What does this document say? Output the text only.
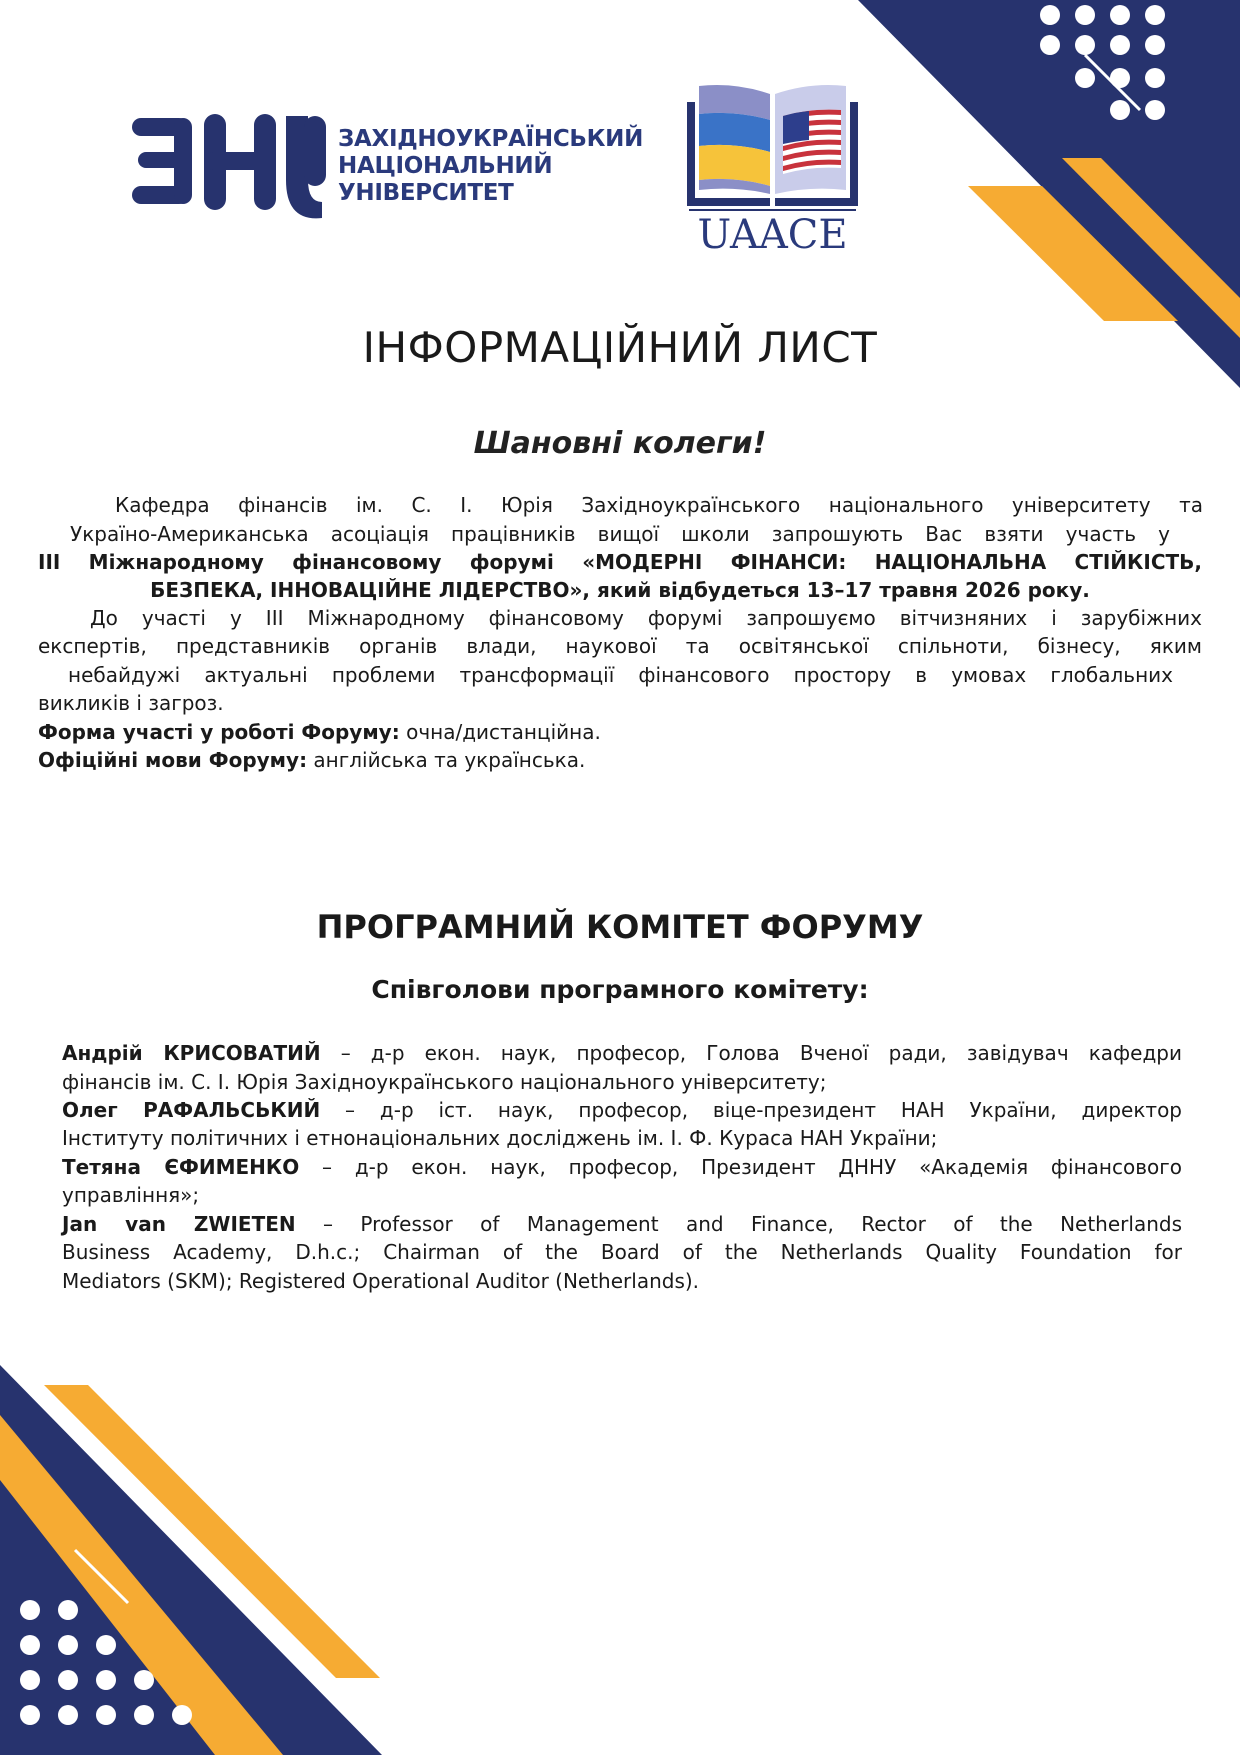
ЗАХІДНОУКРАЇНСЬКИЙ
НАЦІОНАЛЬНИЙ
УНІВЕРСИТЕТ
UAACE
ІНФОРМАЦІЙНИЙ ЛИСТ
Шановні колеги!
Кафедра фінансів ім. С. І. Юрія Західноукраїнського національного університету та
Україно-Американська асоціація працівників вищої школи запрошують Вас взяти участь у
III Міжнародному фінансовому форумі «МОДЕРНІ ФІНАНСИ: НАЦІОНАЛЬНА СТІЙКІСТЬ,
БЕЗПЕКА, ІННОВАЦІЙНЕ ЛІДЕРСТВО», який відбудеться 13–17 травня 2026 року.
До участі у III Міжнародному фінансовому форумі запрошуємо вітчизняних і зарубіжних
експертів, представників органів влади, наукової та освітянської спільноти, бізнесу, яким
небайдужі актуальні проблеми трансформації фінансового простору в умовах глобальних
викликів і загроз.
Форма участі у роботі Форуму: очна/дистанційна.
Офіційні мови Форуму: англійська та українська.
ПРОГРАМНИЙ КОМІТЕТ ФОРУМУ
Співголови програмного комітету:
Андрій КРИСОВАТИЙ – д-р екон. наук, професор, Голова Вченої ради, завідувач кафедри
фінансів ім. С. І. Юрія Західноукраїнського національного університету;
Олег РАФАЛЬСЬКИЙ – д-р іст. наук, професор, віце-президент НАН України, директор
Інституту політичних і етнонаціональних досліджень ім. І. Ф. Кураса НАН України;
Тетяна ЄФИМЕНКО – д-р екон. наук, професор, Президент ДННУ «Академія фінансового
управління»;
Jan van ZWIETEN – Professor of Management and Finance, Rector of the Netherlands
Business Academy, D.h.c.; Chairman of the Board of the Netherlands Quality Foundation for
Mediators (SKM); Registered Operational Auditor (Netherlands).
